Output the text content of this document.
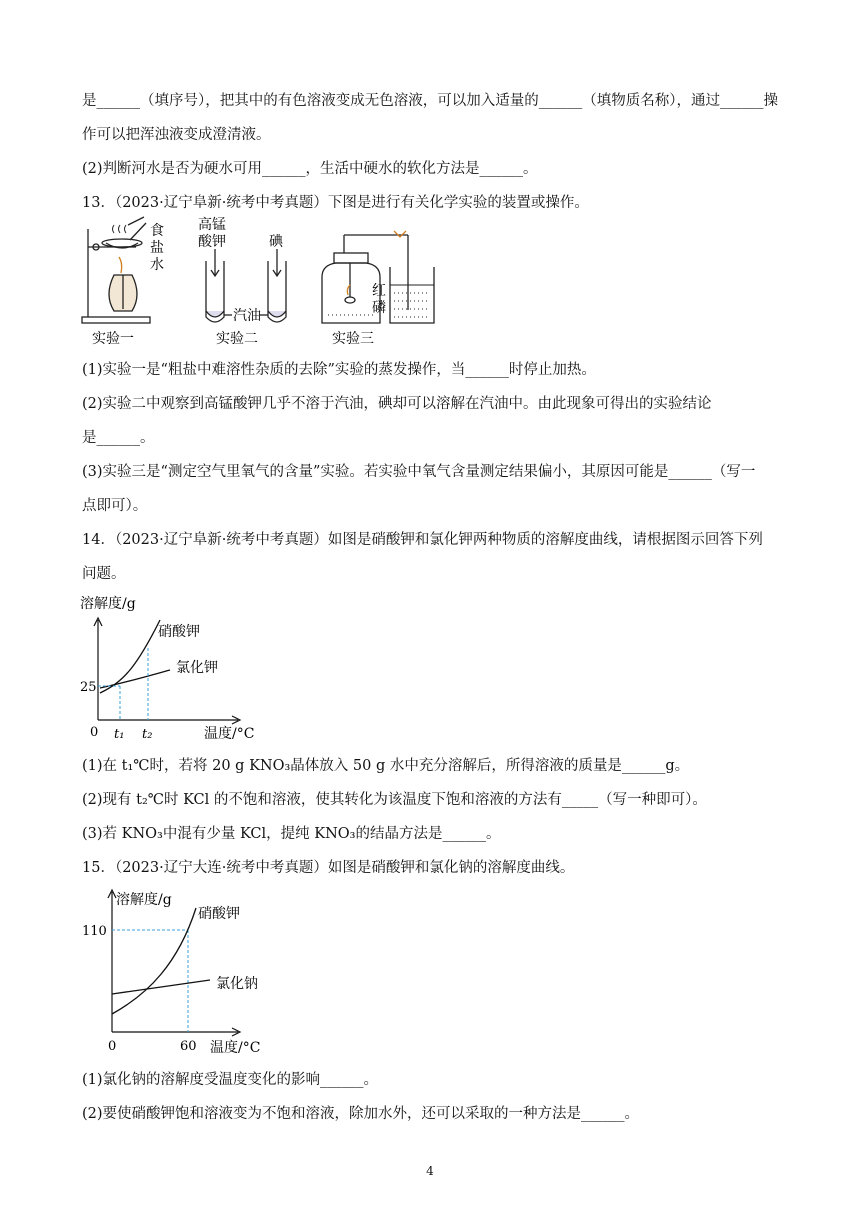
是______（填序号），把其中的有色溶液变成无色溶液，可以加入适量的______（填物质名称），通过______操
作可以把浑浊液变成澄清液。
(2)判断河水是否为硬水可用______，生活中硬水的软化方法是______。
13．（2023·辽宁阜新·统考中考真题）下图是进行有关化学实验的装置或操作。
食
盐
水
实验一
高锰
酸钾	碘
汽油
实验二
红
磷
实验三
(1)实验一是“粗盐中难溶性杂质的去除”实验的蒸发操作，当______时停止加热。
(2)实验二中观察到高锰酸钾几乎不溶于汽油，碘却可以溶解在汽油中。由此现象可得出的实验结论
是______。
(3)实验三是“测定空气里氧气的含量”实验。若实验中氧气含量测定结果偏小，其原因可能是______（写一
点即可）。
14．（2023·辽宁阜新·统考中考真题）如图是硝酸钾和氯化钾两种物质的溶解度曲线，请根据图示回答下列
问题。
溶解度/g
硝酸钾
氯化钾
25
0 t₁ t₂	温度/°C
(1)在 t₁℃时，若将 20 g KNO₃晶体放入 50 g 水中充分溶解后，所得溶液的质量是______g。
(2)现有 t₂℃时 KCl 的不饱和溶液，使其转化为该温度下饱和溶液的方法有_____（写一种即可）。
(3)若 KNO₃中混有少量 KCl，提纯 KNO₃的结晶方法是______。
15．（2023·辽宁大连·统考中考真题）如图是硝酸钾和氯化钠的溶解度曲线。
溶解度/g
硝酸钾
氯化钠
110
0	60 温度/°C
(1)氯化钠的溶解度受温度变化的影响______。
(2)要使硝酸钾饱和溶液变为不饱和溶液，除加水外，还可以采取的一种方法是______。
4
